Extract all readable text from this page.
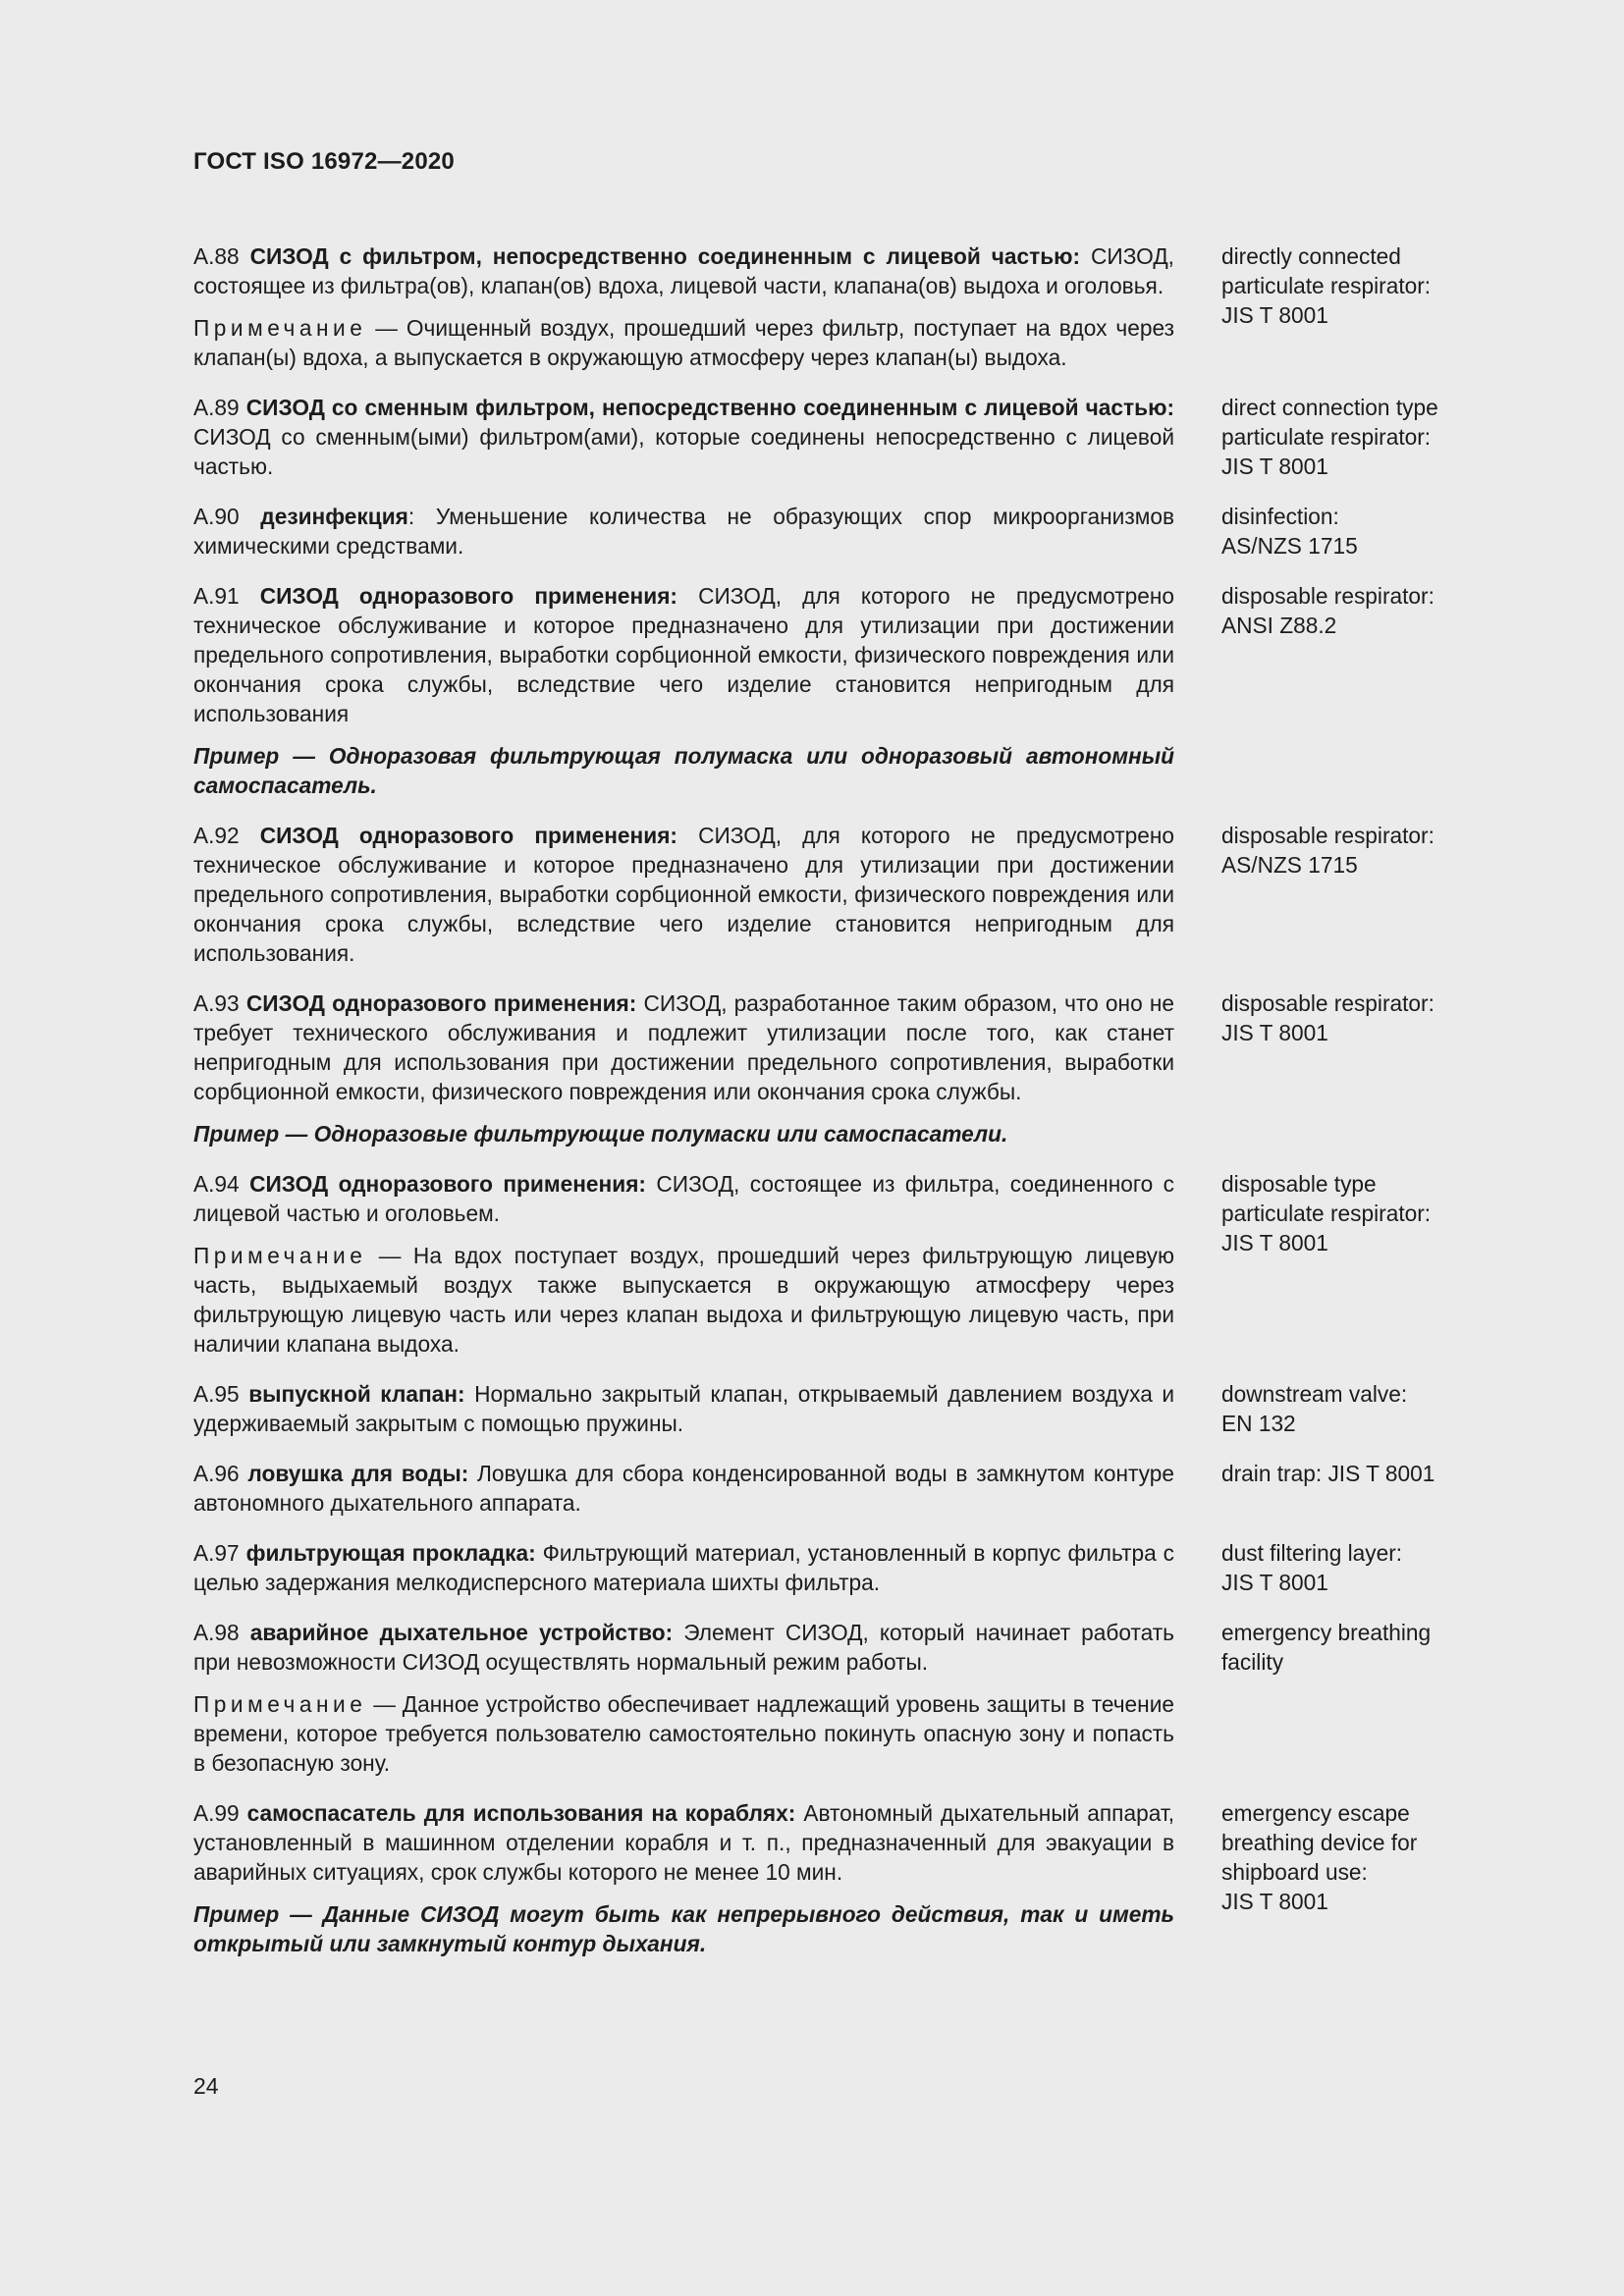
ГОСТ ISO 16972—2020

А.88 СИЗОД с фильтром, непосредственно соединенным с лицевой частью: СИЗОД, состоящее из фильтра(ов), клапан(ов) вдоха, лицевой части, клапана(ов) выдоха и оголовья.

Примечание — Очищенный воздух, прошедший через фильтр, поступает на вдох через клапан(ы) вдоха, а выпускается в окружающую атмосферу через клапан(ы) выдоха.

directly connected
particulate respirator:
JIS T 8001

А.89 СИЗОД со сменным фильтром, непосредственно соединенным с лицевой частью: СИЗОД со сменным(ыми) фильтром(ами), которые соединены непосредственно с лицевой частью.

direct connection type
particulate respirator:
JIS T 8001

А.90 дезинфекция: Уменьшение количества не образующих спор микроорганизмов химическими средствами.

disinfection:
AS/NZS 1715

А.91 СИЗОД одноразового применения: СИЗОД, для которого не предусмотрено техническое обслуживание и которое предназначено для утилизации при достижении предельного сопротивления, выработки сорбционной емкости, физического повреждения или окончания срока службы, вследствие чего изделие становится непригодным для использования

Пример — Одноразовая фильтрующая полумаска или одноразовый автономный самоспасатель.

disposable respirator:
ANSI Z88.2

А.92 СИЗОД одноразового применения: СИЗОД, для которого не предусмотрено техническое обслуживание и которое предназначено для утилизации при достижении предельного сопротивления, выработки сорбционной емкости, физического повреждения или окончания срока службы, вследствие чего изделие становится непригодным для использования.

disposable respirator:
AS/NZS 1715

А.93 СИЗОД одноразового применения: СИЗОД, разработанное таким образом, что оно не требует технического обслуживания и подлежит утилизации после того, как станет непригодным для использования при достижении предельного сопротивления, выработки сорбционной емкости, физического повреждения или окончания срока службы.

Пример — Одноразовые фильтрующие полумаски или самоспасатели.

disposable respirator:
JIS T 8001

А.94 СИЗОД одноразового применения: СИЗОД, состоящее из фильтра, соединенного с лицевой частью и оголовьем.

Примечание — На вдох поступает воздух, прошедший через фильтрующую лицевую часть, выдыхаемый воздух также выпускается в окружающую атмосферу через фильтрующую лицевую часть или через клапан выдоха и фильтрующую лицевую часть, при наличии клапана выдоха.

disposable type
particulate respirator:
JIS T 8001

А.95 выпускной клапан: Нормально закрытый клапан, открываемый давлением воздуха и удерживаемый закрытым с помощью пружины.

downstream valve:
EN 132

А.96 ловушка для воды: Ловушка для сбора конденсированной воды в замкнутом контуре автономного дыхательного аппарата.

drain trap: JIS T 8001

А.97 фильтрующая прокладка: Фильтрующий материал, установленный в корпус фильтра с целью задержания мелкодисперсного материала шихты фильтра.

dust filtering layer:
JIS T 8001

А.98 аварийное дыхательное устройство: Элемент СИЗОД, который начинает работать при невозможности СИЗОД осуществлять нормальный режим работы.

Примечание — Данное устройство обеспечивает надлежащий уровень защиты в течение времени, которое требуется пользователю самостоятельно покинуть опасную зону и попасть в безопасную зону.

emergency breathing
facility

А.99 самоспасатель для использования на кораблях: Автономный дыхательный аппарат, установленный в машинном отделении корабля и т. п., предназначенный для эвакуации в аварийных ситуациях, срок службы которого не менее 10 мин.

Пример — Данные СИЗОД могут быть как непрерывного действия, так и иметь открытый или замкнутый контур дыхания.

emergency escape
breathing device for
shipboard use:
JIS T 8001
24
